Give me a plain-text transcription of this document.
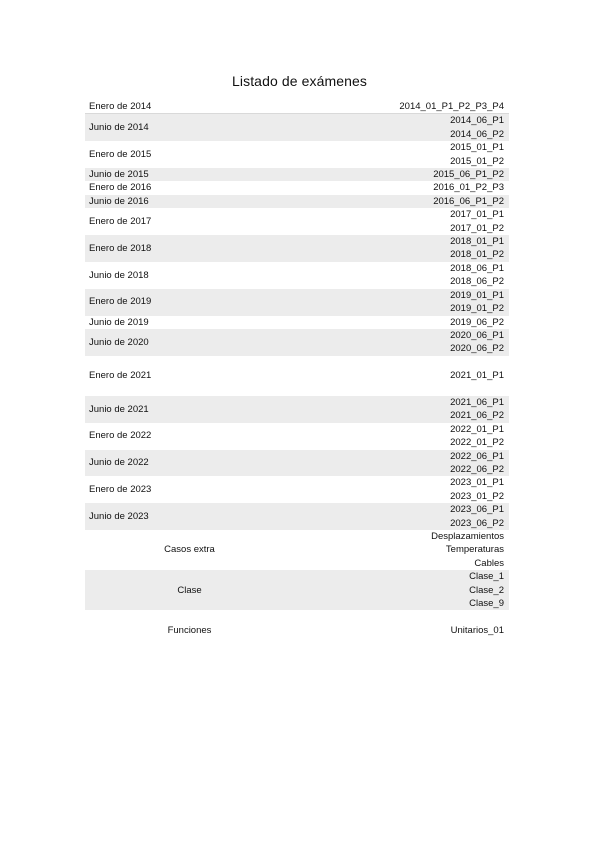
Listado de exámenes
Enero de 2014	2014_01_P1_P2_P3_P4

Junio de 2014	2014_06_P1
2014_06_P2

Enero de 2015	2015_01_P1
2015_01_P2

Junio de 2015	2015_06_P1_P2

Enero de 2016	2016_01_P2_P3

Junio de 2016	2016_06_P1_P2

Enero de 2017	2017_01_P1
2017_01_P2

Enero de 2018	2018_01_P1
2018_01_P2

Junio de 2018	2018_06_P1
2018_06_P2

Enero de 2019	2019_01_P1
2019_01_P2

Junio de 2019	2019_06_P2

Junio de 2020	2020_06_P1
2020_06_P2

Enero de 2021	2021_01_P1

Junio de 2021	2021_06_P1
2021_06_P2

Enero de 2022	2022_01_P1
2022_01_P2

Junio de 2022	2022_06_P1
2022_06_P2

Enero de 2023	2023_01_P1
2023_01_P2

Junio de 2023	2023_06_P1
2023_06_P2

Casos extra	Desplazamientos
Temperaturas
Cables

Clase	Clase_1
Clase_2
Clase_9

Funciones	Unitarios_01
